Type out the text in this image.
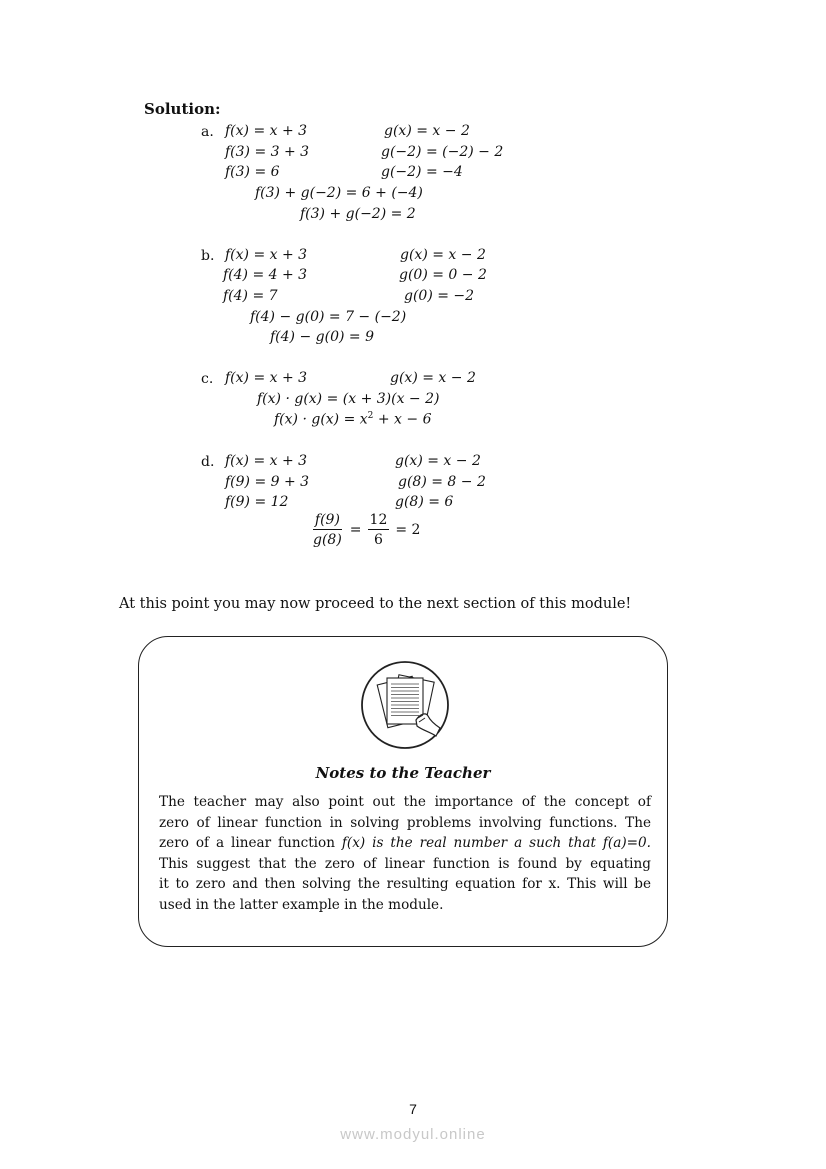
Solution:
a. f(x) = x + 3	g(x) = x − 2
f(3) = 3 + 3	g(−2) = (−2) − 2
f(3) = 6	g(−2) = −4
f(3) + g(−2) = 6 + (−4)
f(3) + g(−2) = 2
b. f(x) = x + 3	g(x) = x − 2
f(4) = 4 + 3	g(0) = 0 − 2
f(4) = 7	g(0) = −2
f(4) − g(0) = 7 − (−2)
f(4) − g(0) = 9
c. f(x) = x + 3	g(x) = x − 2
f(x) · g(x) = (x + 3)(x − 2)
$f(x) \cdot g(x) = x^2 + x - 6$
d. f(x) = x + 3	g(x) = x − 2
f(9) = 9 + 3	g(8) = 8 − 2
f(9) = 12	g(8) = 6
$\frac{f(9)}{g(8)} = \frac{12}{6} = 2$
At this point you may now proceed to the next section of this module!
Notes to the Teacher
The teacher may also point out the importance of the concept of
zero of linear function in solving problems involving functions. The
zero of a linear function f(x) is the real number a such that f(a)=0.
This suggest that the zero of linear function is found by equating
it to zero and then solving the resulting equation for x. This will be
used in the latter example in the module.
7
www.modyul.online
